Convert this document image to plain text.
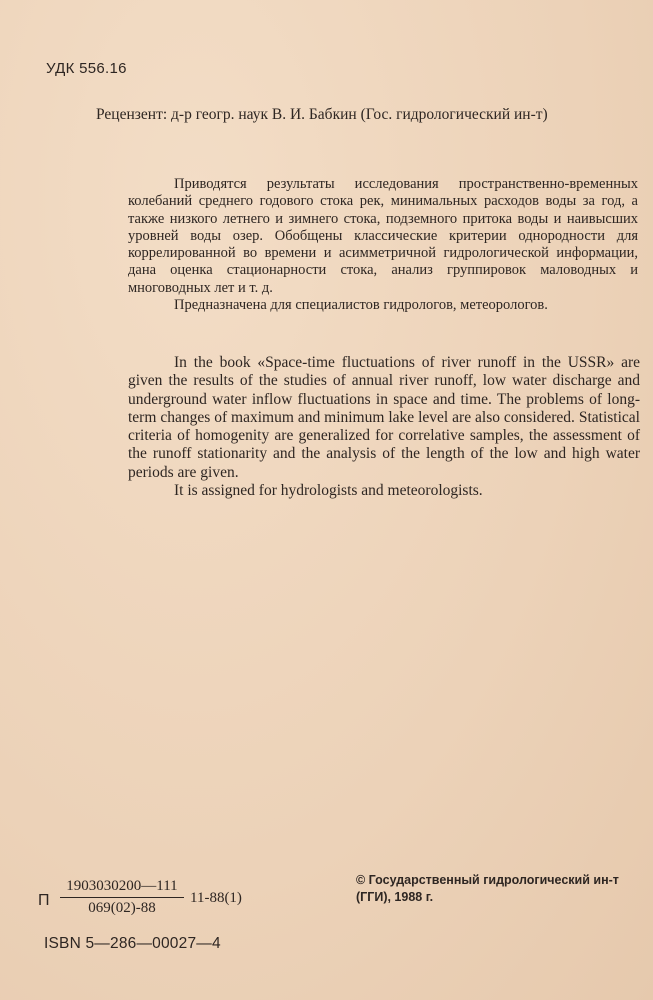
УДК 556.16
Рецензент: д-р геогр. наук В. И. Бабкин (Гос. гидрологический ин-т)

Приводятся результаты исследования пространственно-временных колебаний среднего годового стока рек, минимальных расходов воды за год, а также низкого летнего и зимнего стока, подземного притока воды и наивысших уровней воды озер. Обобщены классические критерии однородности для коррелированной во времени и асимметричной гидрологической информации, дана оценка стационарности стока, анализ группировок маловодных и многоводных лет и т. д.

Предназначена для специалистов гидрологов, метеорологов.

In the book «Space-time fluctuations of river runoff in the USSR» are given the results of the studies of annual river runoff, low water discharge and underground water inflow fluctuations in space and time. The problems of long-term changes of maximum and minimum lake level are also considered. Statistical criteria of homogenity are generalized for correlative samples, the assessment of the runoff stationarity and the analysis of the length of the low and high water periods are given.

It is assigned for hydrologists and meteorologists.

П $\frac{1903030200—111}{069(02)-88} 11-88(1)$

© Государственный гидрологический ин-т

(ГГИ), 1988 г.

ISBN 5—286—00027—4
